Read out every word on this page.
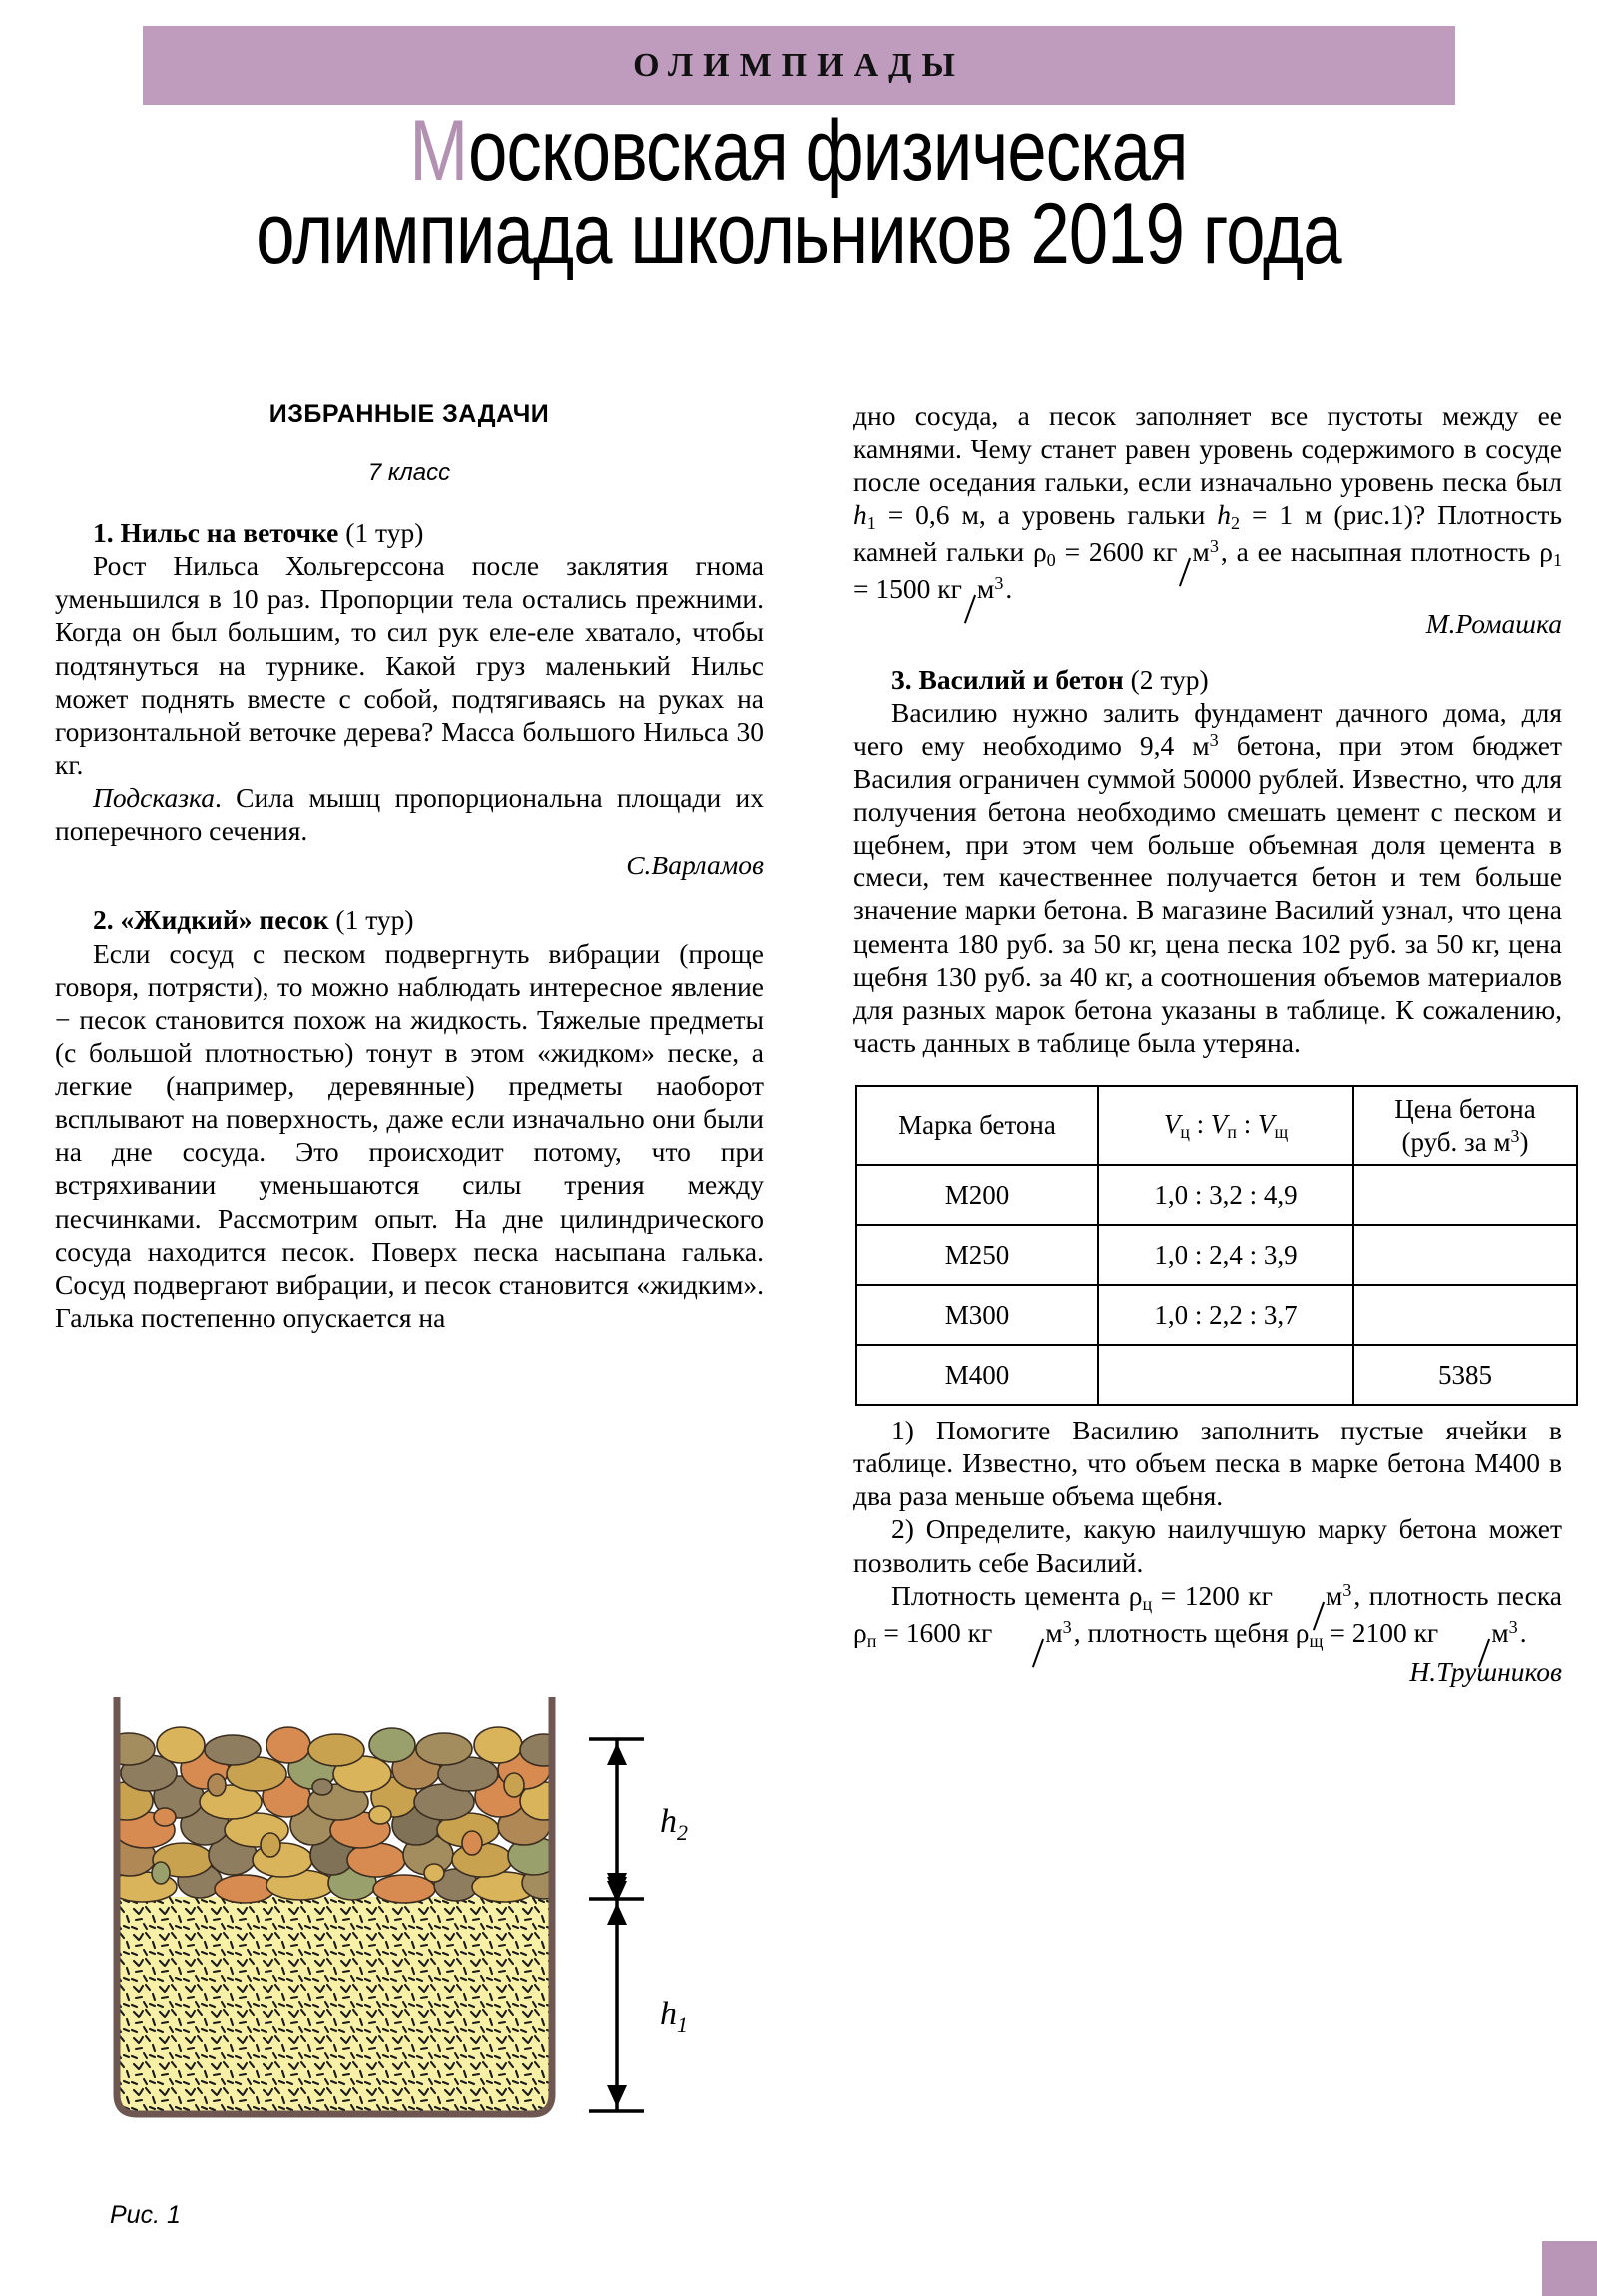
ОЛИМПИАДЫ
Московская физическая
олимпиада школьников 2019 года
ИЗБРАННЫЕ ЗАДАЧИ
7 класс

1. Нильс на веточке (1 тур)

Рост Нильса Хольгерссона после заклятия гнома уменьшился в 10 раз. Пропорции тела остались прежними. Когда он был большим, то сил рук еле-еле хватало, чтобы подтянуться на турнике. Какой груз маленький Нильс может поднять вместе с собой, подтягиваясь на руках на горизонтальной веточке дерева? Масса большого Нильса 30 кг.

Подсказка. Сила мышц пропорциональна площади их поперечного сечения.

С.Варламов

2. «Жидкий» песок (1 тур)

Если сосуд с песком подвергнуть вибрации (проще говоря, потрясти), то можно наблюдать интересное явление − песок становится похож на жидкость. Тяжелые предметы (с большой плотностью) тонут в этом «жидком» песке, а легкие (например, деревянные) предметы наоборот всплывают на поверхность, даже если изначально они были на дне сосуда. Это происходит потому, что при встряхивании уменьшаются силы трения между песчинками. Рассмотрим опыт. На дне цилиндрического сосуда находится песок. Поверх песка насыпана галька. Сосуд подвергают вибрации, и песок становится «жидким». Галька постепенно опускается на

$h_2$
$h_1$
Рис. 1

дно сосуда, а песок заполняет все пустоты между ее камнями. Чему станет равен уровень содержимого в сосуде после оседания гальки, если изначально уровень песка был $h_1 = 0,6$ м, а уровень гальки $h_2 = 1$ м (рис.1)? Плотность камней гальки $\rho_0 = 2600$ кг $м^3$, а ее насыпная плотность $\rho_1 = 1500$ кг $м^3$.

М.Ромашка

3. Василий и бетон (2 тур)

Василию нужно залить фундамент дачного дома, для чего ему необходимо 9,4 $м^3$ бетона, при этом бюджет Василия ограничен суммой 50000 рублей. Известно, что для получения бетона необходимо смешать цемент с песком и щебнем, при этом чем больше объемная доля цемента в смеси, тем качественнее получается бетон и тем больше значение марки бетона. В магазине Василий узнал, что цена цемента 180 руб. за 50 кг, цена песка 102 руб. за 50 кг, цена щебня 130 руб. за 40 кг, а соотношения объемов материалов для разных марок бетона указаны в таблице. К сожалению, часть данных в таблице была утеряна.

Марка бетона	$V_ц$ : $V_п$ : $V_щ$	Цена бетона
(руб. за $м^3$)
М200	1,0 : 3,2 : 4,9	
М250	1,0 : 2,4 : 3,9	
М300	1,0 : 2,2 : 3,7	
М400		5385

1) Помогите Василию заполнить пустые ячейки в таблице. Известно, что объем песка в марке бетона М400 в два раза меньше объема щебня.

2) Определите, какую наилучшую марку бетона может позволить себе Василий.

Плотность цемента $\rho_ц = 1200$ кг $м^3$, плотность песка $\rho_п = 1600$ кг $м^3$, плотность щебня $\rho_щ = 2100$ кг $м^3$.

Н.Трушников
